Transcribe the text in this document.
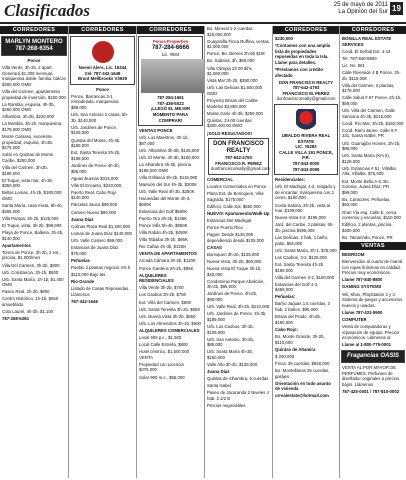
Clasificados	25 de mayo de 2011
La Opinión del Sur 19
CORREDORES
MARLYN MONTERO
787-268-6354

Ponce

Villa Verde, 3h-2b, 2 apart. Generará $1,300 mensual, marquesina doble, familia, balcón $280,000 OMO

Villa del Carmen, apartamento propiedad de inversión, $160,000

La Rambla, esquina, 4h-3b, $250,000 OMO

Alhambra, 3h-2b, $220,000

La Rambla, 3h-2h, marquesina, $179,000 OMO

Monte Camaso, excelente propiedad, esquina, 4h-3b, $275,000

Solar en Quintas de Monte Caribe, $350,000

Villa del Carmen, 3h-2b, $199,000

El Tuque, vista mar, 4h-3b, $350,000

Bellas Lomas, 4h-2b, $180,000 OMO

Santa María, casa mixta, 6h-4b, $285,000

Villa Pampa, 3h-2b, $125,000

El Tuque, vista, 3h-2b, $99,000

Playa de Ponce, Ballena, 3h-2b, $140,000

Apartamentos

Torres de Ponce, 3h-2b, 2 est., piscina, $1,000/mes

Villa Del Carmen, 3h-2b, $800

Urb. Constancia, 3h-1b, $600

Urb. Santa María, 1h-1b, $1,400 OMO

Paseo Real, 2h-2b, $800

Centro Histórico, 1h-1b, $650 amueblado

Coto Laurel, 4h-2b, $1,100

787-268-6354

CORREDORES
Noemí Alers, Lic. 16344
Cel. 787-342-1648
Brunt Mellbrooks V3939

Ponce

Ponce, Barrancas 3-1 remodelada, marquesina $89,000

Urb. San Antonio 2 casas, 5h-3b, $140,000

Urb. Jardines de Ponce, $109,000

Quintas del Monte, 4h-3b, $189,000

Ext. Santa Teresita 3h-2b, $198,500

Jardines de Ponce 4h-3b, $85,000

Aguas Buenas $315,000

Villa El Encanto, $220,000

Puerto Real, Cabo Rojo $140,000

Parcelas Jauca $99,000

Camino Nuevo $80,000

Juana Díaz

Colinas Plaza Real $1,500,000

Lomas de Juana Díaz $140,000

Urb. Valle Costero $99,000

Estancias de Juana Díaz $75,000

Peñuelas

Pueblo 2 plantas negocio 4-5 h

$110,000 Bajo tas.

Río Grande

Listado de Casas Reposeídas. Llámenos

787-342-1648

CORREDORES
Ponce Properties
787-284-6666
Lic. #584
787-284-1661
787-438-5022
¡LLEGÓ EL MEJOR MOMENTO PARA COMPRAR!

VENTAS PONCE

Urb. Los Maestros, 3h-1b, $87,000

Urb. Alhambra 3h-2b, $145,000

Urb. El Monte, 4h-3b, $180,000

La Alhambra 4h-3b, piscina $198,000 OMO

Villa Grillasca 3h-2b, $115,000

Mansión del Sur 4h-3b, $300K

Urb. Valle Real 4h-3b, $350K

Haciendas del Monte 4h-3, $600K

Estancias del Golf $580K

Puerto Oro 3h-2b, $135K

Ponce Hills 5h-4b, $960K

Villa Rabán 4h-3b, $450K

Villa Tabaiba 3h-2b, $95K

Rio Cañas 4h-3b, $120K

VENTA DE APARTAMENTOS

Arcada Cámara 3h-2b, $110K

Ponce Gardens 2h-2b, $95K

ALQUILERES RESIDENCIALES

Villa Verde 3h-2b, $700

Los Caobos 3h-2b, $750

Ext. Villa del Carmen, $800

Urb. Santa Teresita 3h-2b, $650

Urb. Buena Vista 3h-2b, $850

Urb. Los Almendros 3h-1b, $600

ALQUILERES COMERCIALES

Local 600 p.c., $1,500

Local Calle Estrella, $800

Hotel céntrico, $1,500,000 VENTA

Propiedad con Licencia $375,000

Solar 900 m.c., $55,000

Bo. Mineral 1-2 cuerdas $16,000,000

Guayanilla Finca Ruffina, ventas $1,000,000

Ponce, Bo. Bernes 2h-6b $1M

Bo. Sabana, 3h, $60,000

Villa Olimpia 23 00 tkhs $1,060,000

Vista Mar 3h-2b, $390,000

Urb. Las Delicias $1,600,000 OMO

Proyecto Brisas del Caribe Modelos $3,850,000

Monte Carlo 4h-3b, $250,000

Quintas, 24-00 cuerdas $300,400.00 OMO

¡SOLD RESULTADOS!

DON FRANCISCO REALTY
787-642-4793
FRANCISCO R. PEREZ
donfranciscorealty@gmail.com

COMERCIAL

Locales Comerciales en Ponce

Plaza Ext. de Borinquen, Villa Sagrada, $175,000

Edificio, Calle Sol, $650,000

NUEVO! Apartamento/Walk-Up

Estancias Del Madrigal

Ponce Puerto Rico

Pagos: Desde $130,000 dependiendo desde $105,000

CASAS

Borinquen 3h-2b, $125,000

Nueva Vista, 3h-2b, $60,000

Nueva Vista El Tuque 3h-1b, $40,000

Condominio Parque Abolición, 3h-2b, $95,000

Jardines de Ponce, 4h-2b, $98,000

Urb. Valle Real, 3h-2b, $210,000

Urb. Jardines de Ponce, 4h-3b, $189,000

Urb. Los Caobos, 3h-1b, $109,000

Urb. San Antonio, 3h-2b, $85,000

Urb. Santa María 4h-3b, $160,000

Valle Alto 3h-2b, $135,000

Juana Díaz

Quintas de Alhambra, 5 cuerdas

Santa Isabel

Paseo de Jacaranda 2 Niveles 4 hab. 2.1/2 B

Precios negociables

CORREDORES

$230,000

*Contamos con una amplia lista de propiedades reposeídas en toda la Isla. Llame para detalles.

*Préstamos con crédito afectado

DON FRANCISCO REALTY
787-642-4793
FRANCISCO M. PEREZ
donfranciscorealty@gmail.com
UBALDO RIVERA REAL ESTATE
LIC. #5283
CALLE VILLA 191 PONCE, P.R.
787-843-0000
787-843-0099

Residenciales:

Urb. El Madrigal, 4-2, relajado y de encantar, marquesina con 2 ceres, $180,000

Costa Sabina, 3h-2b, vista al mar, $199,000

Nueva Vista 4-2, $195,000

Jard. del Caribe, 2 plantas, 5h-3b, piscina $395,000

Las Delicias, 2 hab, 1 baño, patio, $65,000

Urb. Santa María, 3h-1, $75,000

Los Caobos, 3-2, $125,000

Ext. Santa Teresita 4h-2b $189,000

Villa del Carmen 3-2, $160,000

Estancias del Golf 4-3, $450,000

Peñuelas:

Barrio Jaguas 1.5 cuerdas, 3 hab, 2 baños, $95,000

Brisas del Prado, 4h-3b, $190,000

Cabo Rojo:

Bo. Monte Grande, 3h-2b, $110,000

Quintas de Altamira

$ 200,000

Finca: 30 cuerdas, $550,000

Bo. Montellanos 25 cuerdas, garajes

Orientación en todo asunto de vivienda

urrealestate@hotmail.com

CORREDORES

BONILLA REAL ESTATE SERVICES

Cond. El Serbal Ext. 4-14

Tel. 787-840-8800

Lic. No. 981

Calle Riverside 4 B Ponce, 3h-2b, $115,000

Villa del Carmen, 2 plantas, $179,000

Calle Salud # 67 Ponce, 2h-1b, $59,000

Urb. Villa del Carmen, Calle Sansona 4h-3b, $215,000

Cond. Río Mar, 3h-2b, $160,000

Cond. Rami Jaune, Calle 9 # 331, Santa Isabel, PR

Urb. Guanajibo Homes, 3h-2b, $89,000

Urb. Santa María (Km 5), $128,000

Urb. Estancias # 51, Villalba Alta, Villalba, $75,000

Ext. Monte Bello A-5, Bo. Colonia, Juana Díaz, PR $99,000

Bo. Caracoles, Peñuelas, $60,000

Gran Vía esq. Calle E, cerca comercio y escuelas, $110,000

Edificio, 2 plantas, piscina, $400,000

Bo. Tamarindo, Ponce, PR

VENTAS

BEDROOM

Bienvenidos al cuarto de mamá con ropas finísimas en calidad. Precios muy económicos.

Llame 787-840-8800

GAMING SYSTEMS

Wii, Xbox, PlayStation 2 y 3. Sistema de juegos y accesorios nuevos y usados.

Llame 787-431-5500

COMPUTER

Venta de computadoras y reparación de equipo. Precios económicos. Llámenos al

Llame al 1-800-775-0001

Fragancias OASIS

VENTA AL POR MAYOR DE PERFUMES. Perfumes de diseñador originales a precios bajos. Llámenos

787-425-0001 / 787-810-0002
